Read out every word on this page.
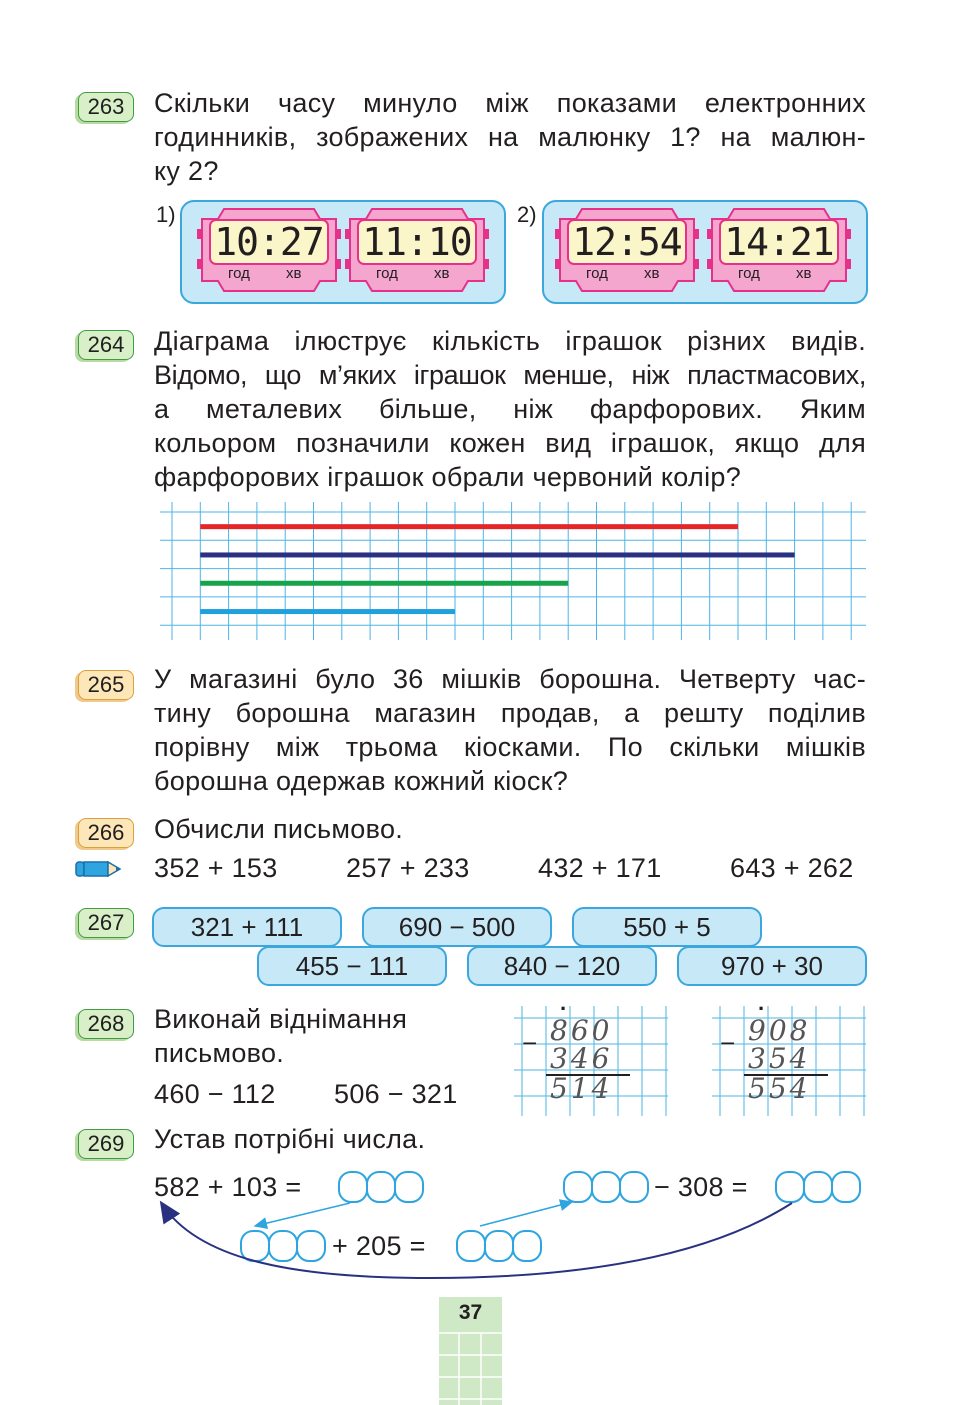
263	Скільки часу минуло між показами електронних
годинників, зображених на малюнку 1? на малюн-
ку 2?
1)	2)
10:27
год хв
11:10
год хв
12:54
год хв
14:21
год хв
264	Діаграма ілюструє кількість іграшок різних видів.
Відомо, що м’яких іграшок менше, ніж пластмасових,
а металевих більше, ніж фарфорових. Яким
кольором позначили кожен вид іграшок, якщо для
фарфорових іграшок обрали червоний колір?
265	У магазині було 36 мішків борошна. Четверту час-
тину борошна магазин продав, а решту поділив
порівну між трьома кіосками. По скільки мішків
борошна одержав кожний кіоск?
266	Обчисли письмово.
352 + 153	257 + 233	432 + 171	643 + 262
267	321 + 111	690 − 500	550 + 5
455 − 111	840 − 120	970 + 30
268	Виконай віднімання
письмово.
460 − 112 506 − 321
·
− 860
346
514
·
− 908
354
554
269	Устав потрібні числа.
582 + 103 =	− 308 =
+ 205 =
37
